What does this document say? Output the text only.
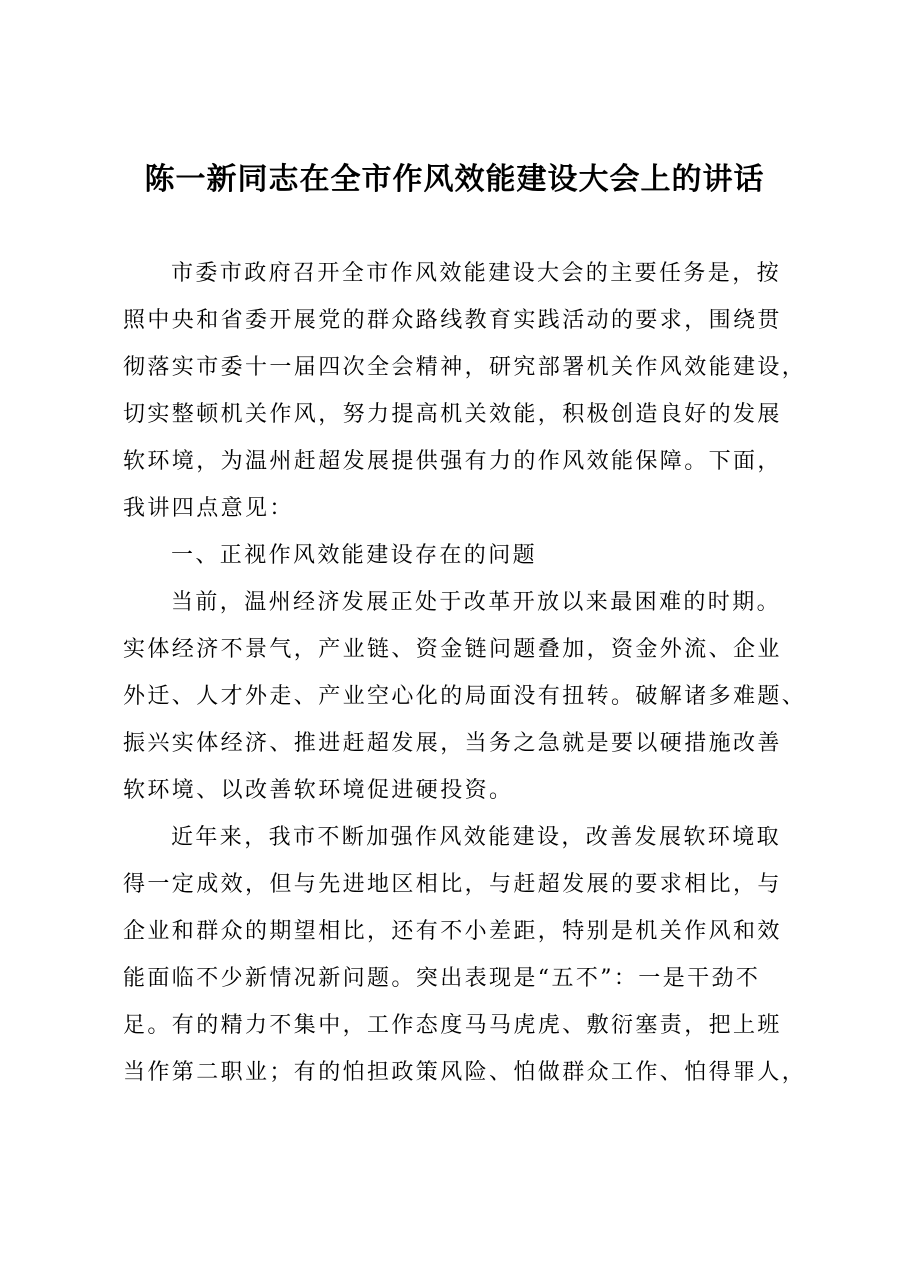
陈一新同志在全市作风效能建设大会上的讲话
市委市政府召开全市作风效能建设大会的主要任务是，按
照中央和省委开展党的群众路线教育实践活动的要求，围绕贯
彻落实市委十一届四次全会精神，研究部署机关作风效能建设，
切实整顿机关作风，努力提高机关效能，积极创造良好的发展
软环境，为温州赶超发展提供强有力的作风效能保障。下面，
我讲四点意见：
一、正视作风效能建设存在的问题
当前，温州经济发展正处于改革开放以来最困难的时期。
实体经济不景气，产业链、资金链问题叠加，资金外流、企业
外迁、人才外走、产业空心化的局面没有扭转。破解诸多难题、
振兴实体经济、推进赶超发展，当务之急就是要以硬措施改善
软环境、以改善软环境促进硬投资。
近年来，我市不断加强作风效能建设，改善发展软环境取
得一定成效，但与先进地区相比，与赶超发展的要求相比，与
企业和群众的期望相比，还有不小差距，特别是机关作风和效
能面临不少新情况新问题。突出表现是“五不”：一是干劲不
足。有的精力不集中，工作态度马马虎虎、敷衍塞责，把上班
当作第二职业；有的怕担政策风险、怕做群众工作、怕得罪人，
